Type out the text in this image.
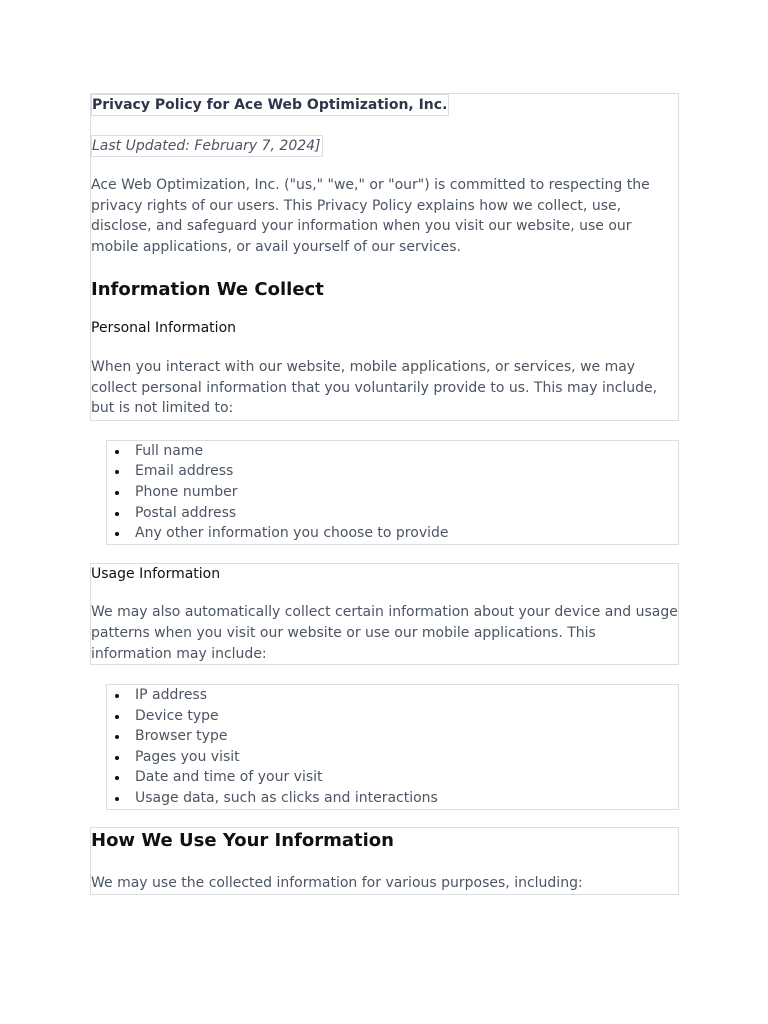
Privacy Policy for Ace Web Optimization, Inc.
Last Updated: February 7, 2024]

Ace Web Optimization, Inc. ("us," "we," or "our") is committed to respecting the privacy rights of our users. This Privacy Policy explains how we collect, use, disclose, and safeguard your information when you visit our website, use our mobile applications, or avail yourself of our services.

Information We Collect

Personal Information

When you interact with our website, mobile applications, or services, we may collect personal information that you voluntarily provide to us. This may include, but is not limited to:

Full name
Email address
Phone number
Postal address
Any other information you choose to provide

Usage Information

We may also automatically collect certain information about your device and usage patterns when you visit our website or use our mobile applications. This information may include:

IP address
Device type
Browser type
Pages you visit
Date and time of your visit
Usage data, such as clicks and interactions
How We Use Your Information

We may use the collected information for various purposes, including:
